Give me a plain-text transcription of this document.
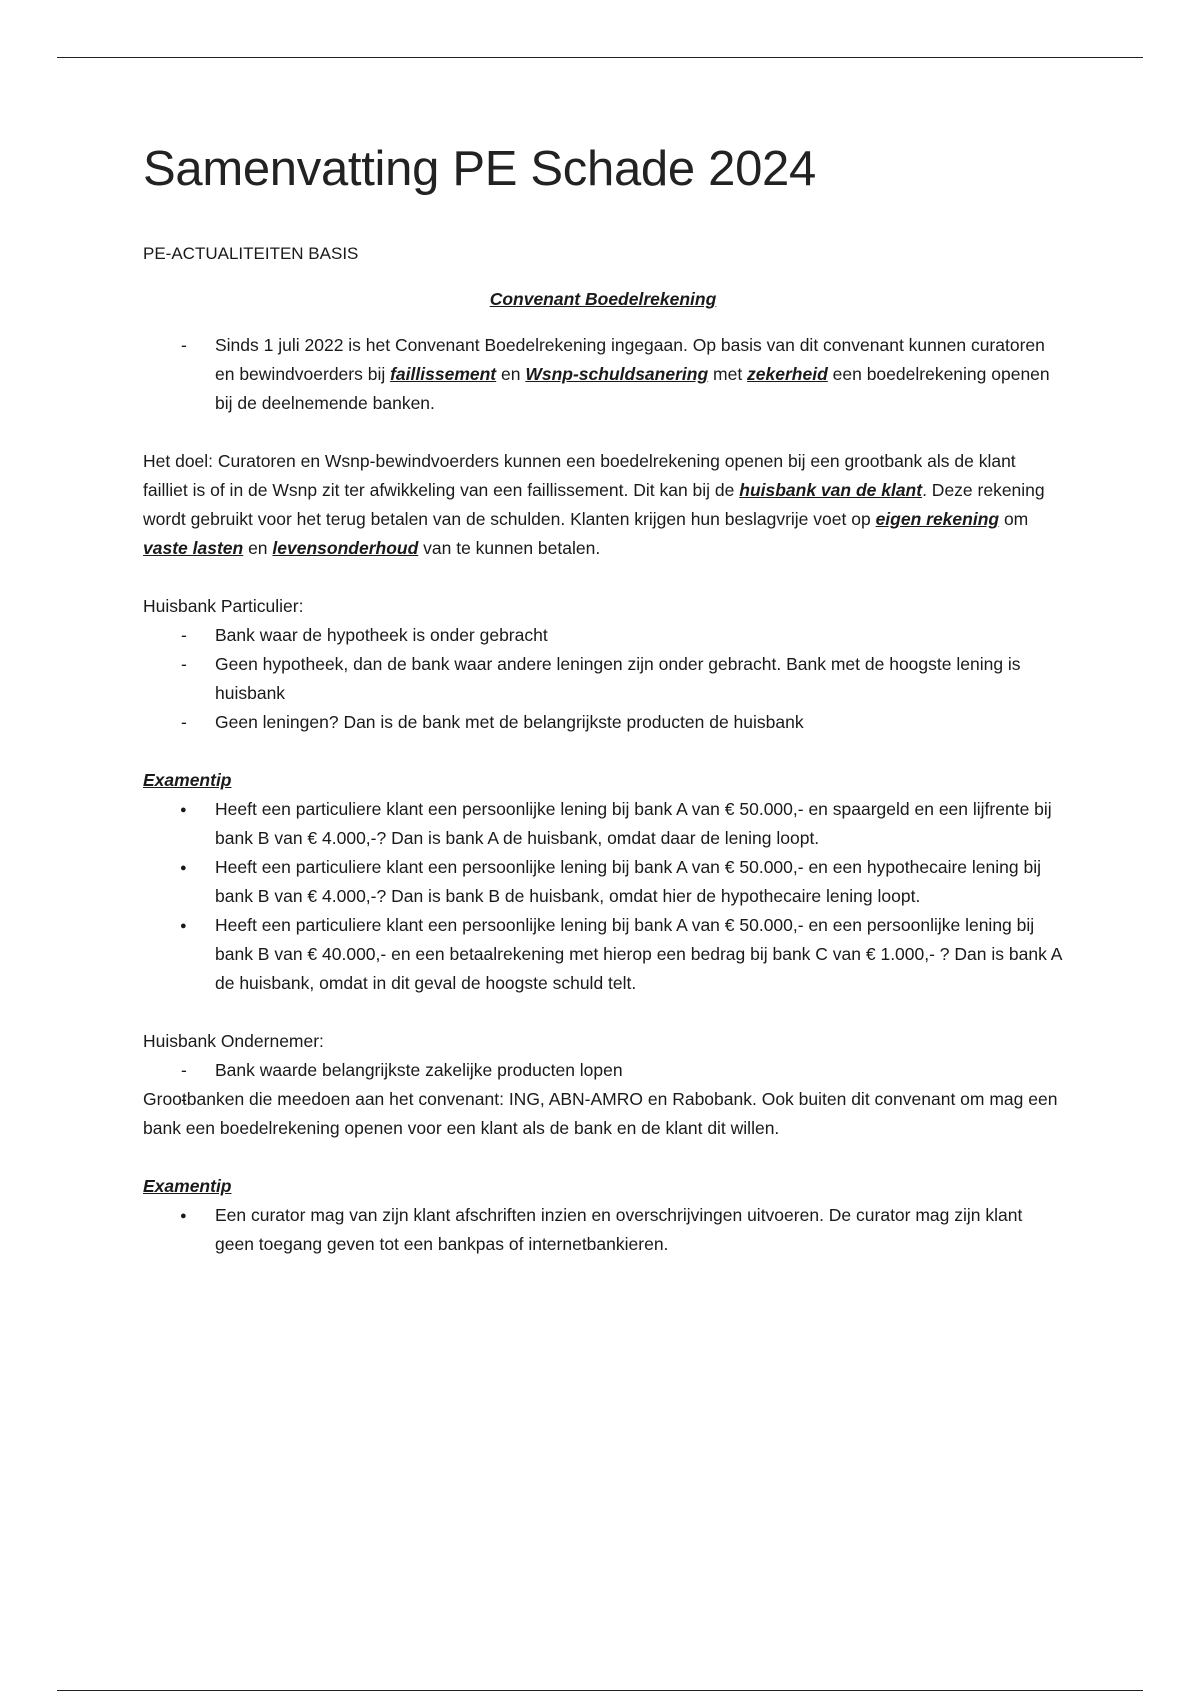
Samenvatting PE Schade 2024
PE-ACTUALITEITEN BASIS
Convenant Boedelrekening
- Sinds 1 juli 2022 is het Convenant Boedelrekening ingegaan. Op basis van dit convenant kunnen curatoren en bewindvoerders bij faillissement en Wsnp-schuldsanering met zekerheid een boedelrekening openen bij de deelnemende banken.

Het doel: Curatoren en Wsnp-bewindvoerders kunnen een boedelrekening openen bij een grootbank als de klant failliet is of in de Wsnp zit ter afwikkeling van een faillissement. Dit kan bij de huisbank van de klant. Deze rekening wordt gebruikt voor het terug betalen van de schulden. Klanten krijgen hun beslagvrije voet op eigen rekening om vaste lasten en levensonderhoud van te kunnen betalen.

Huisbank Particulier:

- Bank waar de hypotheek is onder gebracht
- Geen hypotheek, dan de bank waar andere leningen zijn onder gebracht. Bank met de hoogste lening is huisbank
- Geen leningen? Dan is de bank met de belangrijkste producten de huisbank
Examentip
● Heeft een particuliere klant een persoonlijke lening bij bank A van € 50.000,- en spaargeld en een lijfrente bij bank B van € 4.000,-? Dan is bank A de huisbank, omdat daar de lening loopt.
● Heeft een particuliere klant een persoonlijke lening bij bank A van € 50.000,- en een hypothecaire lening bij bank B van € 4.000,-? Dan is bank B de huisbank, omdat hier de hypothecaire lening loopt.
● Heeft een particuliere klant een persoonlijke lening bij bank A van € 50.000,- en een persoonlijke lening bij bank B van € 40.000,- en een betaalrekening met hierop een bedrag bij bank C van € 1.000,- ? Dan is bank A de huisbank, omdat in dit geval de hoogste schuld telt.

Huisbank Ondernemer:

- Bank waarde belangrijkste zakelijke producten lopen

Grootbanken die meedoen aan het convenant: ING, ABN-AMRO en Rabobank. Ook buiten dit convenant om mag een bank een boedelrekening openen voor een klant als de bank en de klant dit willen.

Examentip
● Een curator mag van zijn klant afschriften inzien en overschrijvingen uitvoeren. De curator mag zijn klant geen toegang geven tot een bankpas of internetbankieren.
